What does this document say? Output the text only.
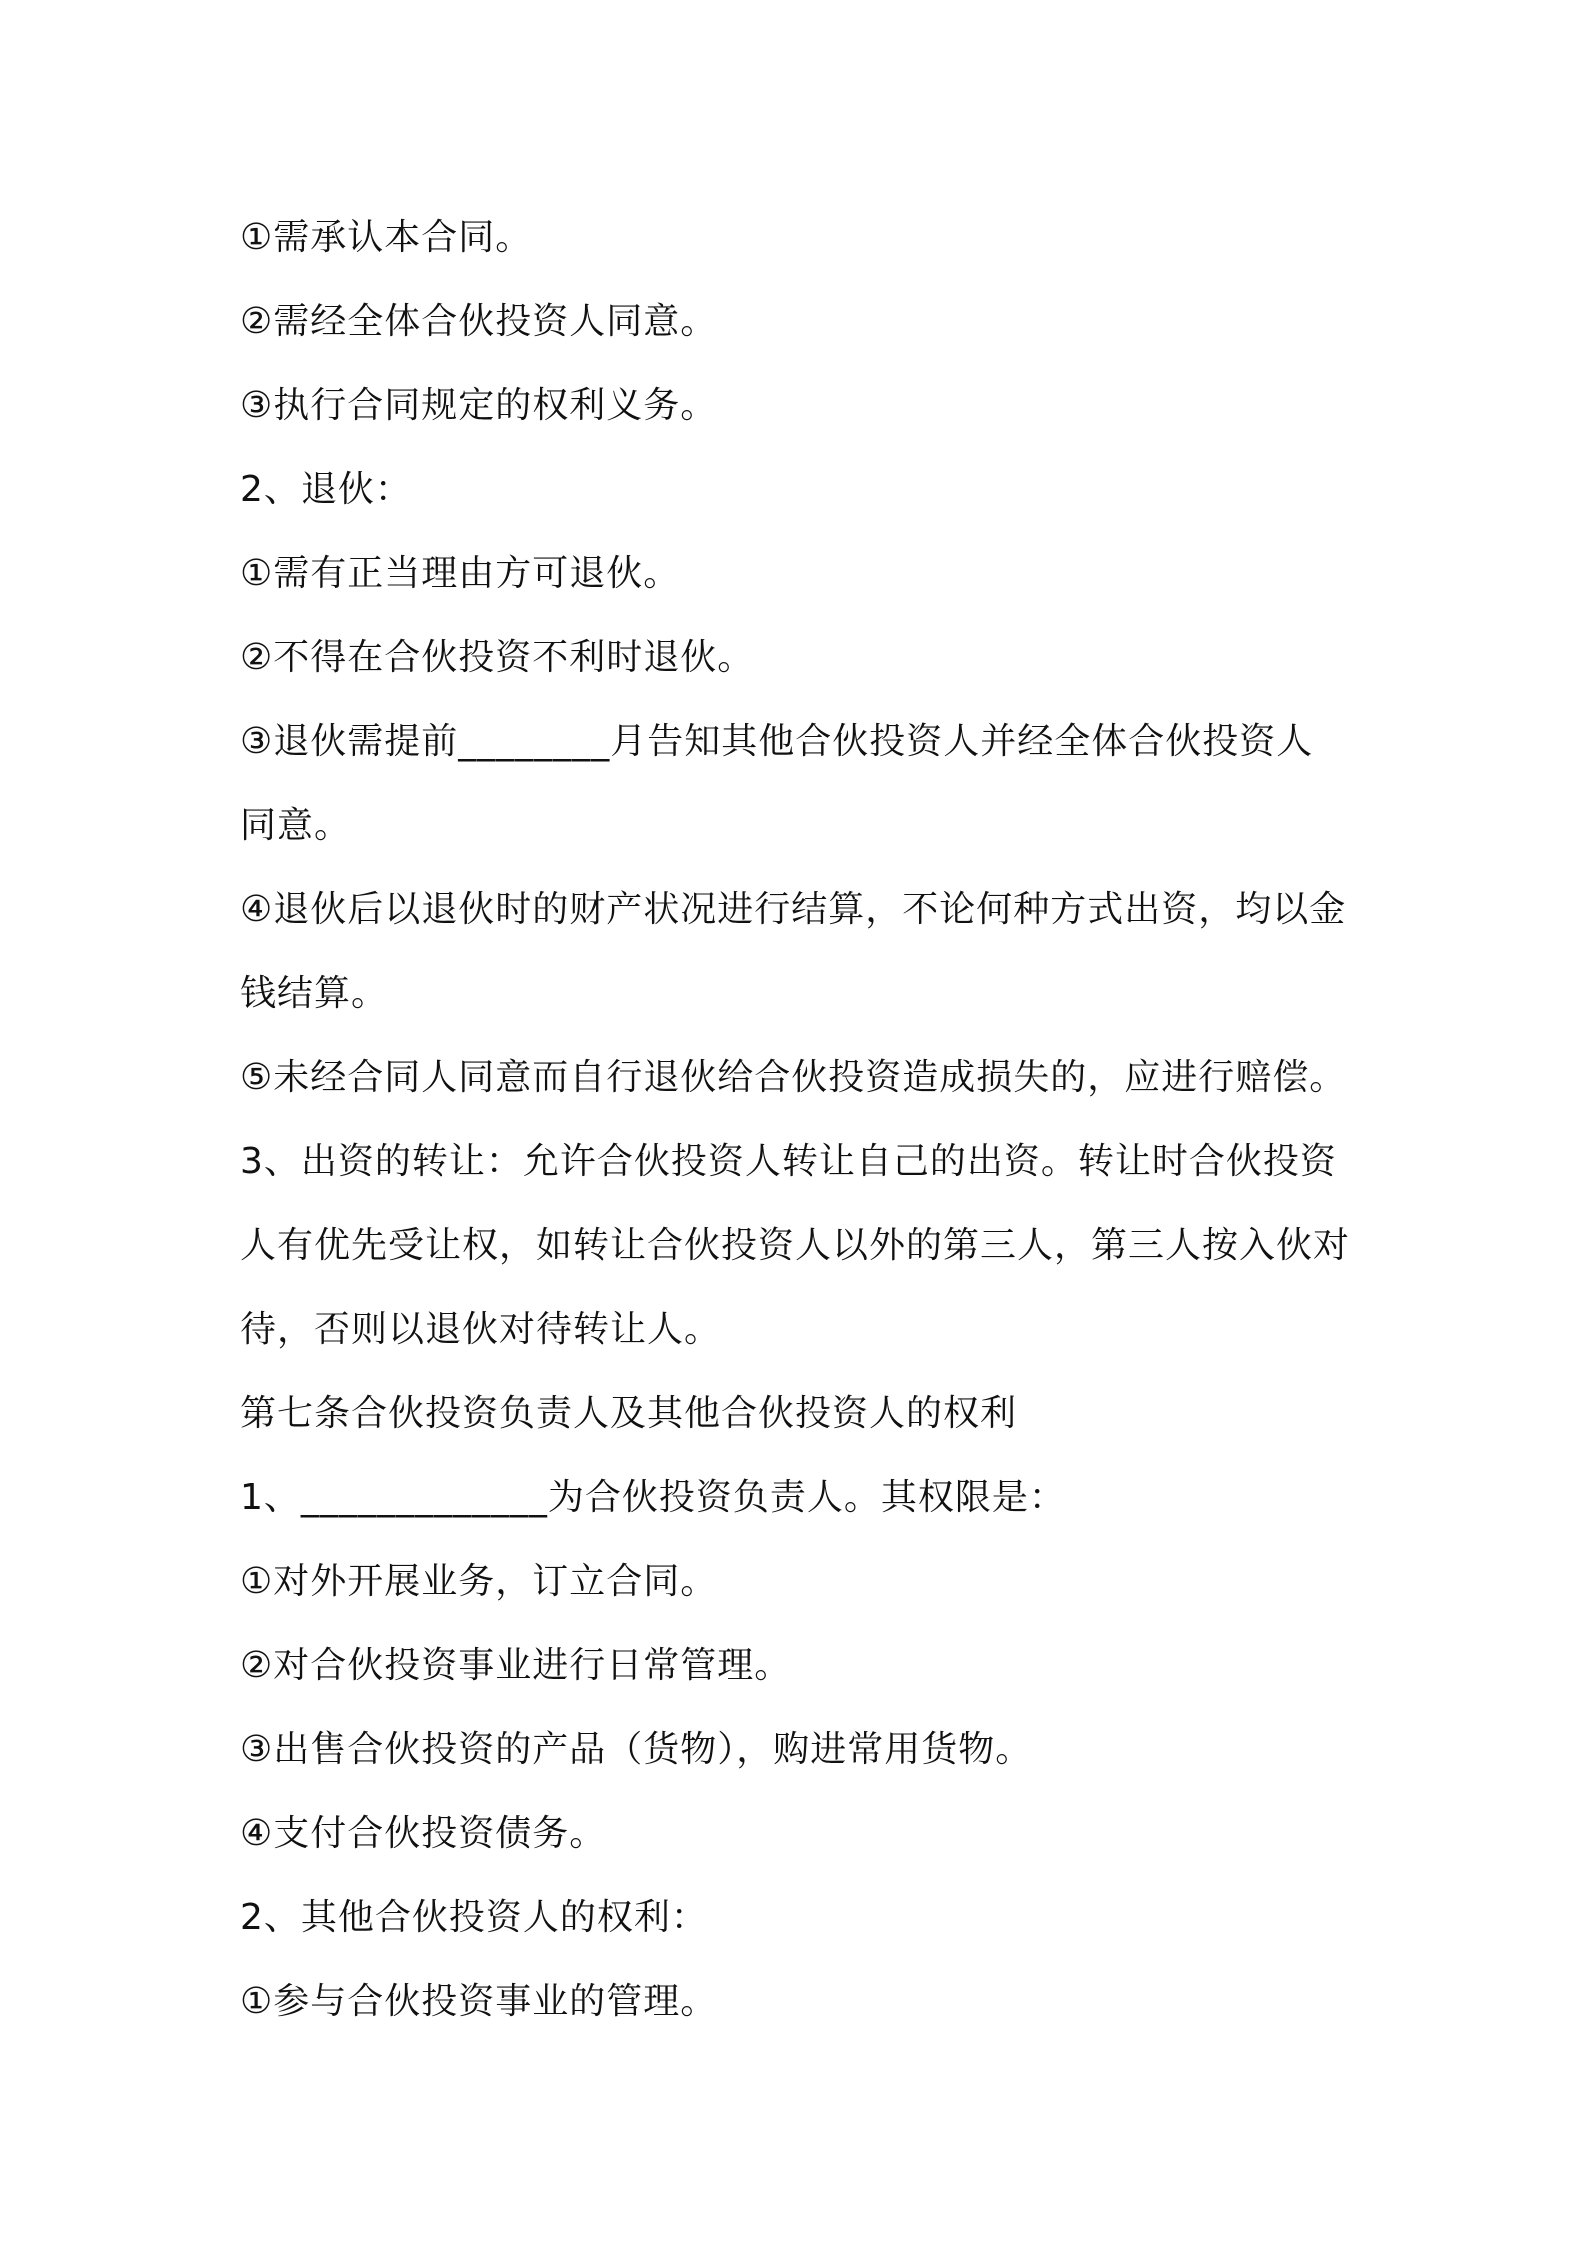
①需承认本合同。
②需经全体合伙投资人同意。
③执行合同规定的权利义务。
2、退伙：
①需有正当理由方可退伙。
②不得在合伙投资不利时退伙。
③退伙需提前________月告知其他合伙投资人并经全体合伙投资人
同意。
④退伙后以退伙时的财产状况进行结算，不论何种方式出资，均以金
钱结算。
⑤未经合同人同意而自行退伙给合伙投资造成损失的，应进行赔偿。
3、出资的转让：允许合伙投资人转让自己的出资。转让时合伙投资
人有优先受让权，如转让合伙投资人以外的第三人，第三人按入伙对
待，否则以退伙对待转让人。
第七条合伙投资负责人及其他合伙投资人的权利
1、_____________为合伙投资负责人。其权限是：
①对外开展业务，订立合同。
②对合伙投资事业进行日常管理。
③出售合伙投资的产品（货物），购进常用货物。
④支付合伙投资债务。
2、其他合伙投资人的权利：
①参与合伙投资事业的管理。
